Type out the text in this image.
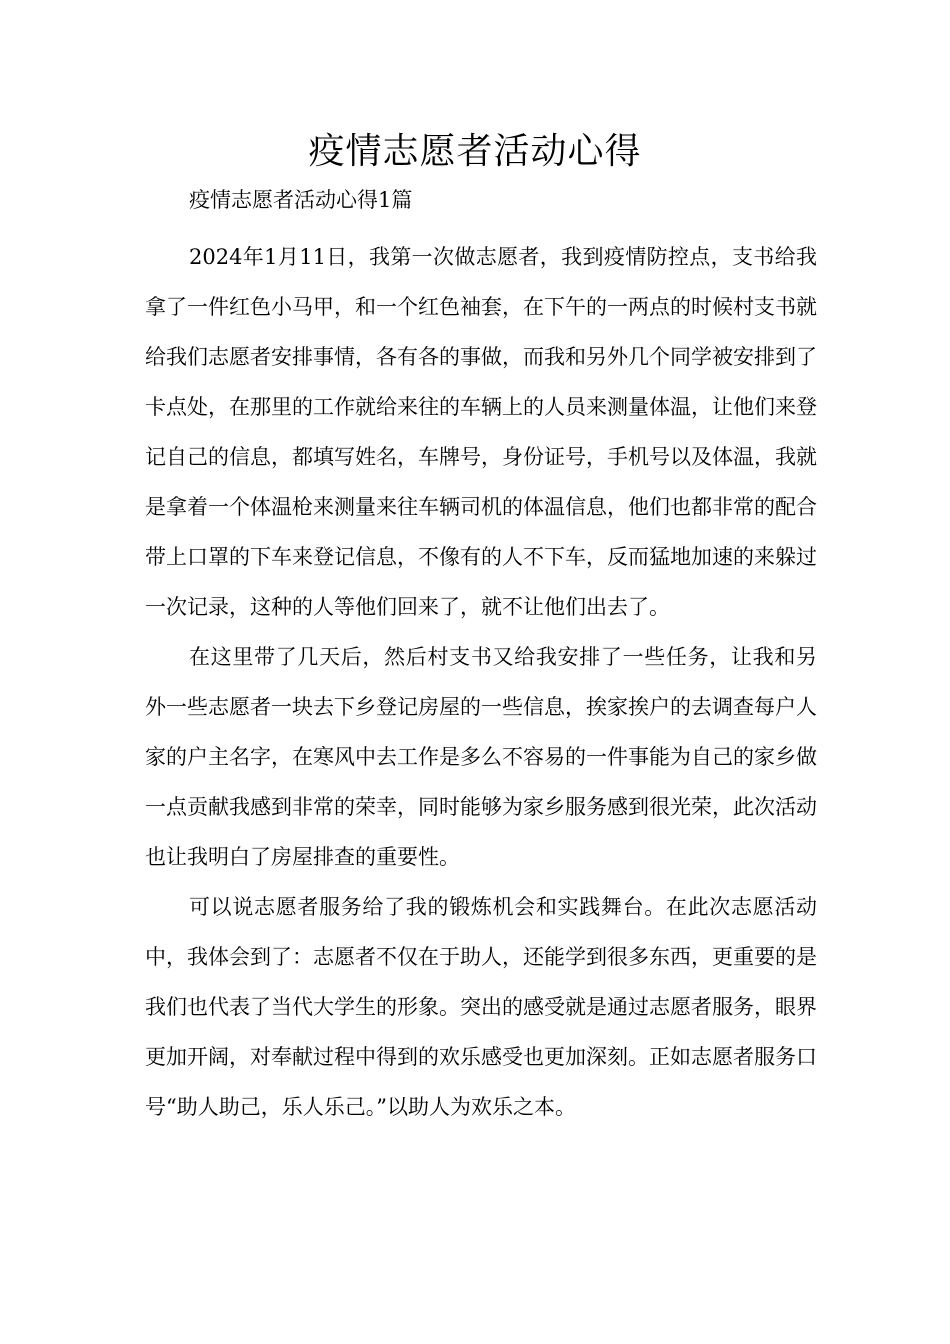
疫情志愿者活动心得
疫情志愿者活动心得1篇

2024年1月11日，我第一次做志愿者，我到疫情防控点，支书给我拿了一件红色小马甲，和一个红色袖套，在下午的一两点的时候村支书就给我们志愿者安排事情，各有各的事做，而我和另外几个同学被安排到了卡点处，在那里的工作就给来往的车辆上的人员来测量体温，让他们来登记自己的信息，都填写姓名，车牌号，身份证号，手机号以及体温，我就是拿着一个体温枪来测量来往车辆司机的体温信息，他们也都非常的配合带上口罩的下车来登记信息，不像有的人不下车，反而猛地加速的来躲过一次记录，这种的人等他们回来了，就不让他们出去了。

在这里带了几天后，然后村支书又给我安排了一些任务，让我和另外一些志愿者一块去下乡登记房屋的一些信息，挨家挨户的去调查每户人家的户主名字，在寒风中去工作是多么不容易的一件事能为自己的家乡做一点贡献我感到非常的荣幸，同时能够为家乡服务感到很光荣，此次活动也让我明白了房屋排查的重要性。

可以说志愿者服务给了我的锻炼机会和实践舞台。在此次志愿活动中，我体会到了：志愿者不仅在于助人，还能学到很多东西，更重要的是我们也代表了当代大学生的形象。突出的感受就是通过志愿者服务，眼界更加开阔，对奉献过程中得到的欢乐感受也更加深刻。正如志愿者服务口号“助人助己，乐人乐己。”以助人为欢乐之本。
